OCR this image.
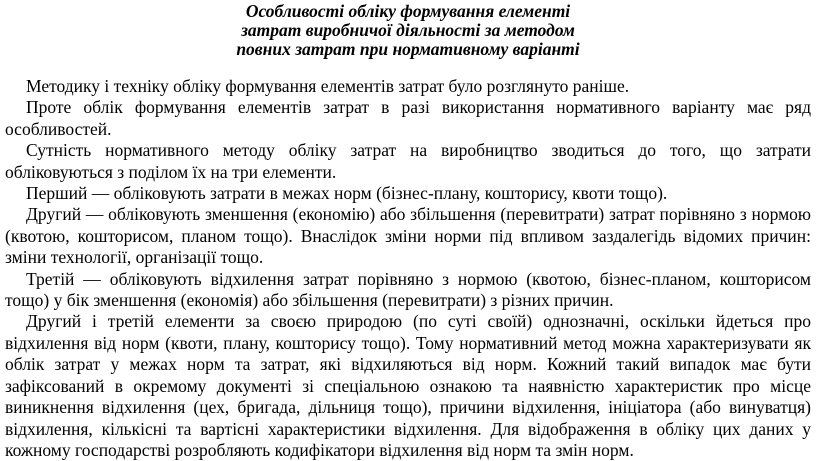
Особливості обліку формування елементі
затрат виробничої діяльності за методом
повних затрат при нормативному варіанті

Методику і техніку обліку формування елементів затрат було розглянуто раніше.

Проте облік формування елементів затрат в разі використання нормативного варіанту має ряд особливостей.

Сутність нормативного методу обліку затрат на виробництво зводиться до того, що затрати обліковуються з поділом їх на три елементи.

Перший — обліковують затрати в межах норм (бізнес-плану, кошторису, квоти тощо).

Другий — обліковують зменшення (економію) або збільшення (перевитрати) затрат порівняно з нормою (квотою, кошторисом, планом тощо). Внаслідок зміни норми під впливом заздалегідь відомих причин: зміни технології, організації тощо.

Третій — обліковують відхилення затрат порівняно з нормою (квотою, бізнес-планом, кошторисом тощо) у бік зменшення (економія) або збільшення (перевитрати) з різних причин.

Другий і третій елементи за своєю природою (по суті своїй) однозначні, оскільки йдеться про відхилення від норм (квоти, плану, кошторису тощо). Тому нормативний метод можна характеризувати як облік затрат у межах норм та затрат, які відхиляються від норм. Кожний такий випадок має бути зафіксований в окремому документі зі спеціальною ознакою та наявністю характеристик про місце виникнення відхилення (цех, бригада, дільниця тощо), причини відхилення, ініціатора (або винуватця) відхилення, кількісні та вартісні характеристики відхилення. Для відображення в обліку цих даних у кожному господарстві розробляють кодифікатори відхилення від норм та змін норм.
